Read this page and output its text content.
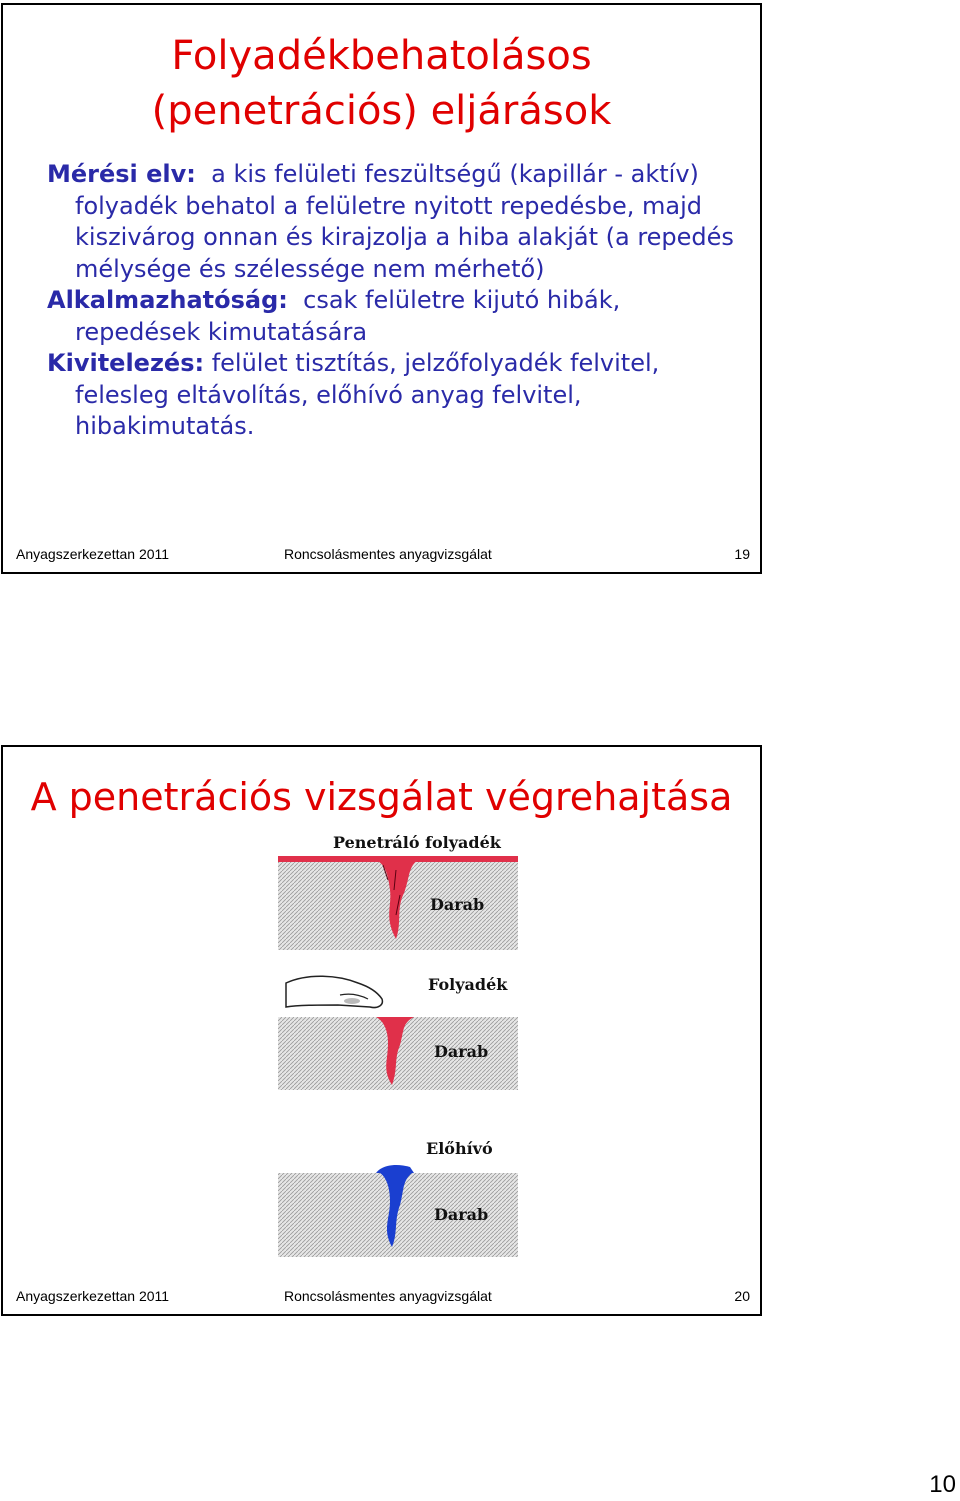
Folyadékbehatolásos
(penetrációs) eljárások
Mérési elv:  a kis felületi feszültségű (kapillár - aktív) folyadék behatol a felületre nyitott repedésbe, majd kiszivárog onnan és kirajzolja a hiba alakját (a repedés mélysége és szélessége nem mérhető)
Alkalmazhatóság:  csak felületre kijutó hibák, repedések kimutatására
Kivitelezés: felület tisztítás, jelzőfolyadék felvitel, felesleg eltávolítás, előhívó anyag felvitel, hibakimutatás.
Anyagszerkezettan 2011	Roncsolásmentes anyagvizsgálat	19
A penetrációs vizsgálat végrehajtása
Penetráló folyadék
Darab
Folyadék
Darab
Előhívó
Darab
Anyagszerkezettan 2011	Roncsolásmentes anyagvizsgálat	20
10
